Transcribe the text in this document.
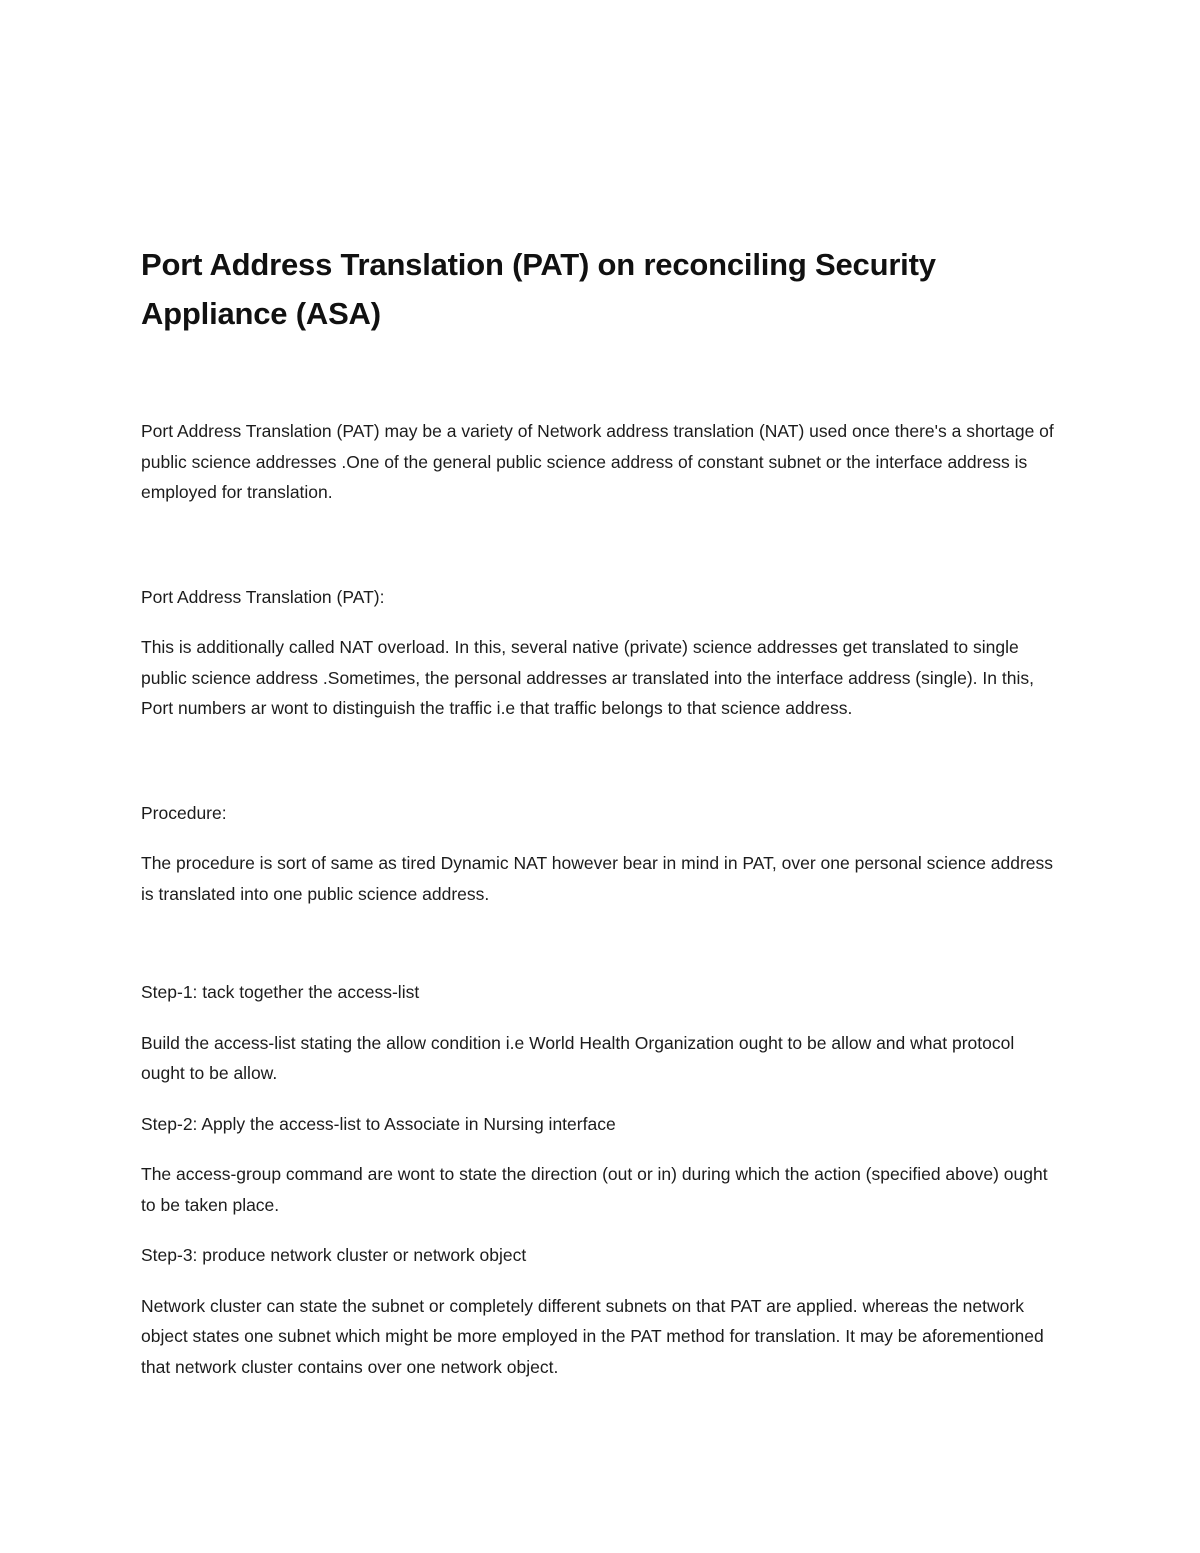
Port Address Translation (PAT) on reconciling Security Appliance (ASA)

Port Address Translation (PAT) may be a variety of Network address translation (NAT) used once there's a shortage of public science addresses .One of the general public science address of constant subnet or the interface address is employed for translation.

Port Address Translation (PAT):

This is additionally called NAT overload. In this, several native (private) science addresses get translated to single public science address .Sometimes, the personal addresses ar translated into the interface address (single). In this, Port numbers ar wont to distinguish the traffic i.e that traffic belongs to that science address.

Procedure:

The procedure is sort of same as tired Dynamic NAT however bear in mind in PAT, over one personal science address is translated into one public science address.

Step-1: tack together the access-list

Build the access-list stating the allow condition i.e World Health Organization ought to be allow and what protocol ought to be allow.

Step-2: Apply the access-list to Associate in Nursing interface

The access-group command are wont to state the direction (out or in) during which the action (specified above) ought to be taken place.

Step-3: produce network cluster or network object

Network cluster can state the subnet or completely different subnets on that PAT are applied. whereas the network object states one subnet which might be more employed in the PAT method for translation. It may be aforementioned that network cluster contains over one network object.
